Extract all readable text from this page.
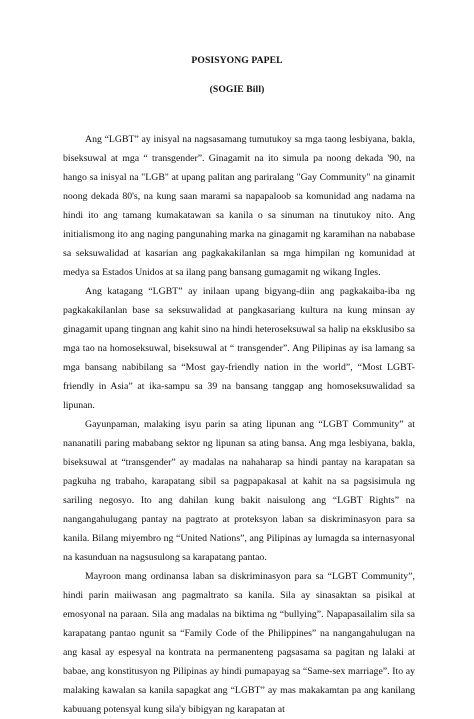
POSISYONG PAPEL
(SOGIE Bill)

Ang “LGBT” ay inisyal na nagsasamang tumutukoy sa mga taong lesbiyana, bakla, biseksuwal at mga “ transgender”. Ginagamit na ito simula pa noong dekada '90, na hango sa inisyal na "LGB" at upang palitan ang pariralang "Gay Community" na ginamit noong dekada 80's, na kung saan marami sa napapaloob sa komunidad ang nadama na hindi ito ang tamang kumakatawan sa kanila o sa sinuman na tinutukoy nito. Ang initialismong ito ang naging pangunahing marka na ginagamit ng karamihan na nababase sa seksuwalidad at kasarian ang pagkakakilanlan sa mga himpilan ng komunidad at medya sa Estados Unidos at sa ilang pang bansang gumagamit ng wikang Ingles.

Ang katagang “LGBT” ay inilaan upang bigyang-diin ang pagkakaiba-iba ng pagkakakilanlan base sa seksuwalidad at pangkasariang kultura na kung minsan ay ginagamit upang tingnan ang kahit sino na hindi heteroseksuwal sa halip na eksklusibo sa mga tao na homoseksuwal, biseksuwal at “ transgender”. Ang Pilipinas ay isa lamang sa mga bansang nabibilang sa “Most gay-friendly nation in the world”, “Most LGBT-friendly in Asia” at ika-sampu sa 39 na bansang tanggap ang homoseksuwalidad sa lipunan.

Gayunpaman, malaking isyu parin sa ating lipunan ang “LGBT Community” at nananatili paring mababang sektor ng lipunan sa ating bansa. Ang mga lesbiyana, bakla, biseksuwal at “transgender” ay madalas na nahaharap sa hindi pantay na karapatan sa pagkuha ng trabaho, karapatang sibil sa pagpapakasal at kahit na sa pagsisimula ng sariling negosyo. Ito ang dahilan kung bakit naisulong ang “LGBT Rights” na nangangahulugang pantay na pagtrato at proteksyon laban sa diskriminasyon para sa kanila. Bilang miyembro ng “United Nations”, ang Pilipinas ay lumagda sa internasyonal na kasunduan na nagsusulong sa karapatang pantao.

Mayroon mang ordinansa laban sa diskriminasyon para sa “LGBT Community”, hindi parin maiiwasan ang pagmaltrato sa kanila. Sila ay sinasaktan sa pisikal at emosyonal na paraan. Sila ang madalas na biktima ng “bullying”. Napapasailalim sila sa karapatang pantao ngunit sa “Family Code of the Philippines” na nangangahulugan na ang kasal ay espesyal na kontrata na permanenteng pagsasama sa pagitan ng lalaki at babae, ang konstitusyon ng Pilipinas ay hindi pumapayag sa “Same-sex marriage”. Ito ay malaking kawalan sa kanila sapagkat ang “LGBT” ay mas makakamtan pa ang kanilang kabuuang potensyal kung sila'y bibigyan ng karapatan at
